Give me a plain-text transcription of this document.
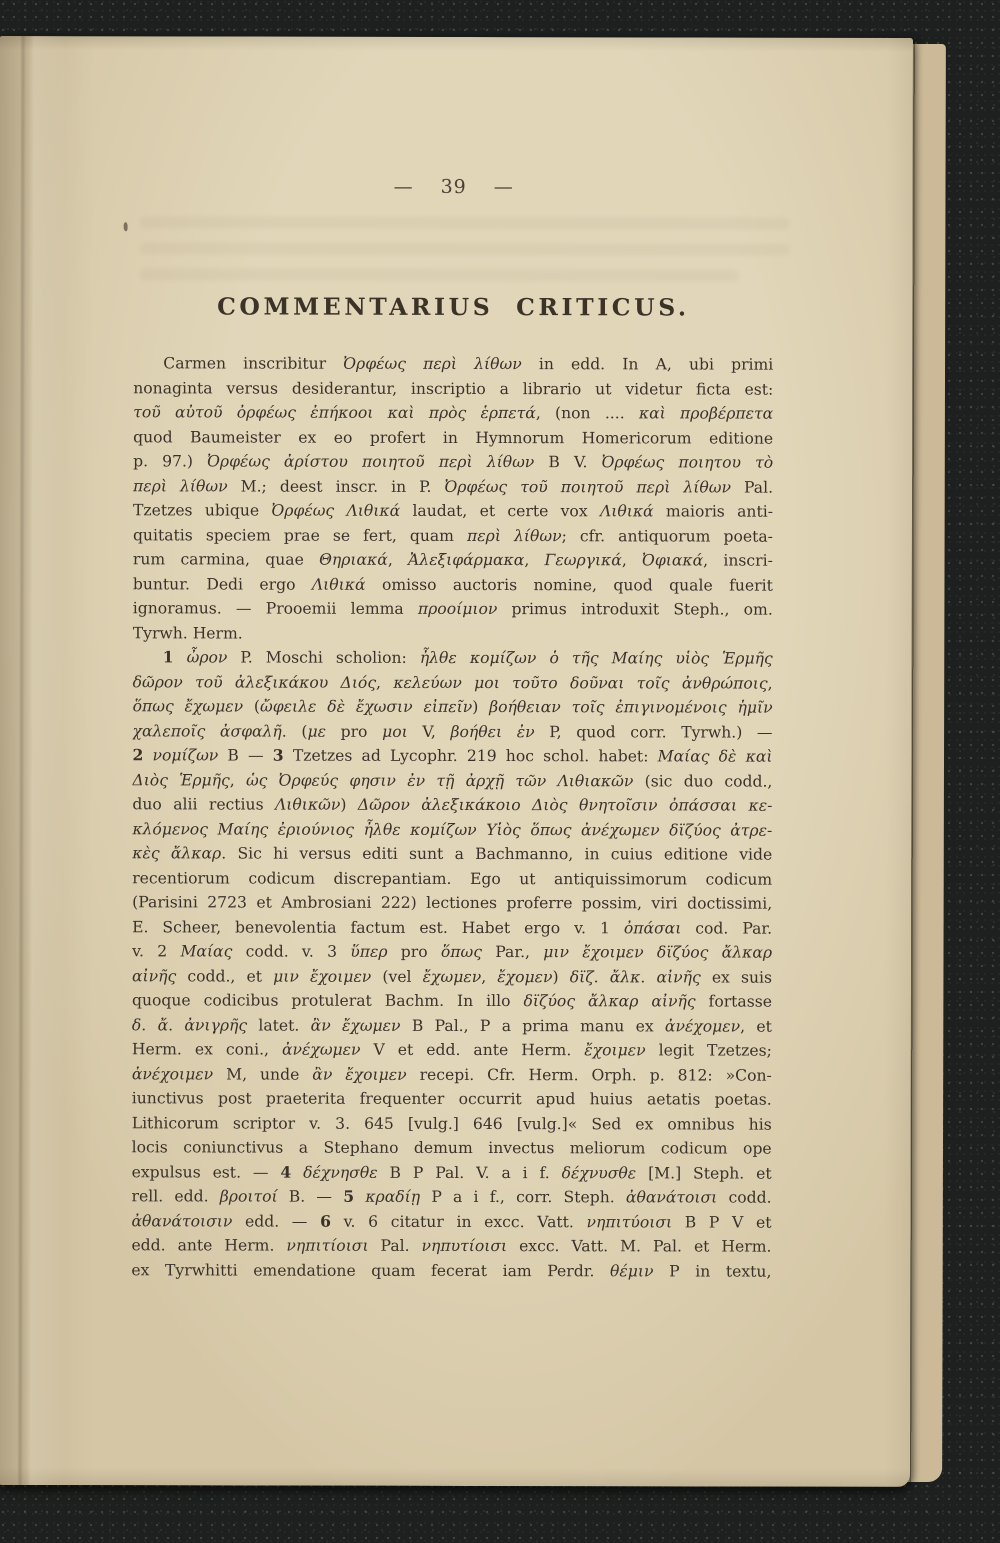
— 39 —
COMMENTARIUS CRITICUS.
Carmen inscribitur Ὀρφέως περὶ λίθων in edd. In A, ubi primi
nonaginta versus desiderantur, inscriptio a librario ut videtur ficta est:
τοῦ αὐτοῦ ὀρφέως ἐπήκοοι καὶ πρὸς ἑρπετά, (non .... καὶ προβέρπετα
quod Baumeister ex eo profert in Hymnorum Homericorum editione
p. 97.) Ὀρφέως ἀρίστου ποιητοῦ περὶ λίθων B V. Ὀρφέως ποιητου τὸ
περὶ λίθων M.; deest inscr. in P. Ὀρφέως τοῦ ποιητοῦ περὶ λίθων Pal.
Tzetzes ubique Ὀρφέως Λιθικά laudat, et certe vox Λιθικά maioris anti-
quitatis speciem prae se fert, quam περὶ λίθων; cfr. antiquorum poeta-
rum carmina, quae Θηριακά, Ἀλεξιφάρμακα, Γεωργικά, Ὀφιακά, inscri-
buntur. Dedi ergo Λιθικά omisso auctoris nomine, quod quale fuerit
ignoramus. — Prooemii lemma προοίμιον primus introduxit Steph., om.
Tyrwh. Herm.
1 ὦρον P. Moschi scholion: ἦλθε κομίζων ὁ τῆς Μαίης υἱὸς Ἑρμῆς
δῶρον τοῦ ἀλεξικάκου Διός, κελεύων μοι τοῦτο δοῦναι τοῖς ἀνθρώποις,
ὅπως ἔχωμεν (ὤφειλε δὲ ἔχωσιν εἰπεῖν) βοήθειαν τοῖς ἐπιγινομένοις ἡμῖν
χαλεποῖς ἀσφαλῆ. (με pro μοι V, βοήθει ἐν P, quod corr. Tyrwh.) —
2 νομίζων B — 3 Tzetzes ad Lycophr. 219 hoc schol. habet: Μαίας δὲ καὶ
Διὸς Ἑρμῆς, ὡς Ὀρφεύς φησιν ἐν τῇ ἀρχῇ τῶν Λιθιακῶν (sic duo codd.,
duo alii rectius Λιθικῶν) Δῶρον ἀλεξικάκοιο Διὸς θνητοῖσιν ὀπάσσαι κε-
κλόμενος Μαίης ἐριούνιος ἦλθε κομίζων Υἱὸς ὅπως ἀνέχωμεν δϊζύος ἀτρε-
κὲς ἄλκαρ. Sic hi versus editi sunt a Bachmanno, in cuius editione vide
recentiorum codicum discrepantiam. Ego ut antiquissimorum codicum
(Parisini 2723 et Ambrosiani 222) lectiones proferre possim, viri doctissimi,
E. Scheer, benevolentia factum est. Habet ergo v. 1 ὀπάσαι cod. Par.
v. 2 Μαίας codd. v. 3 ὕπερ pro ὅπως Par., μιν ἔχοιμεν δϊζύος ἄλκαρ
αἰνῆς codd., et μιν ἔχοιμεν (vel ἔχωμεν, ἔχομεν) δϊζ. ἄλκ. αἰνῆς ex suis
quoque codicibus protulerat Bachm. In illo δϊζύος ἄλκαρ αἰνῆς fortasse
δ. ἄ. ἀνιγρῆς latet. ἂν ἔχωμεν B Pal., P a prima manu ex ἀνέχομεν, et
Herm. ex coni., ἀνέχωμεν V et edd. ante Herm. ἔχοιμεν legit Tzetzes;
ἀνέχοιμεν M, unde ἂν ἔχοιμεν recepi. Cfr. Herm. Orph. p. 812: »Con-
iunctivus post praeterita frequenter occurrit apud huius aetatis poetas.
Lithicorum scriptor v. 3. 645 [vulg.] 646 [vulg.]« Sed ex omnibus his
locis coniunctivus a Stephano demum invectus meliorum codicum ope
expulsus est. — 4 δέχνησθε B P Pal. V. a i f. δέχνυσθε [M.] Steph. et
rell. edd. βροιτοί B. — 5 κραδίῃ P a i f., corr. Steph. ἀθανάτοισι codd.
ἀθανάτοισιν edd. — 6 v. 6 citatur in excc. Vatt. νηπιτύοισι B P V et
edd. ante Herm. νηπιτίοισι Pal. νηπυτίοισι excc. Vatt. M. Pal. et Herm.
ex Tyrwhitti emendatione quam fecerat iam Perdr. θέμιν P in textu,
